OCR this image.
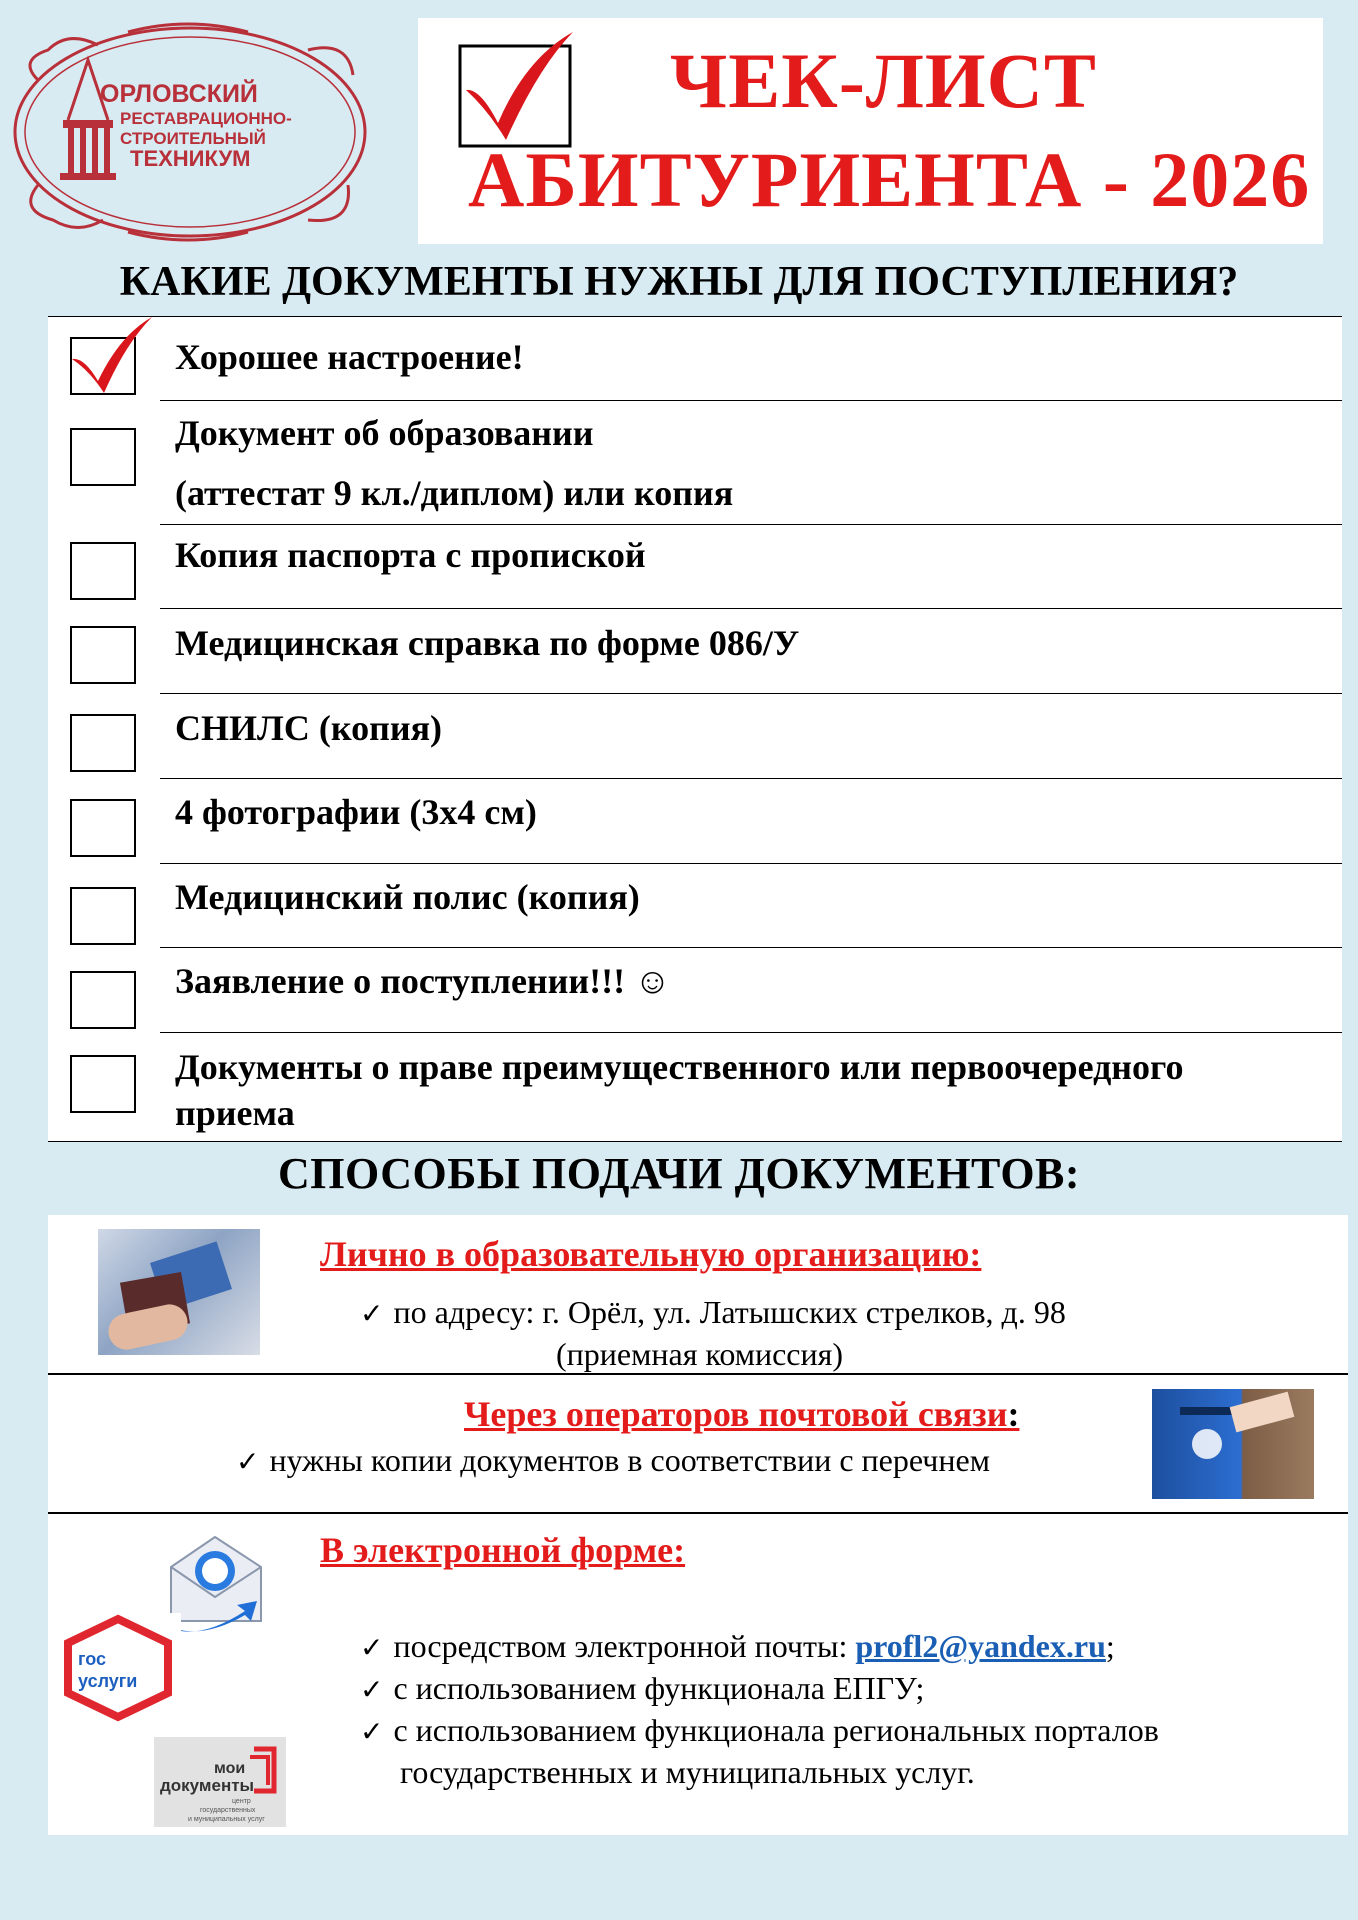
ОРЛОВСКИЙ
РЕСТАВРАЦИОННО-
СТРОИТЕЛЬНЫЙ
ТЕХНИКУМ
ЧЕК-ЛИСТ
АБИТУРИЕНТА - 2026
КАКИЕ ДОКУМЕНТЫ НУЖНЫ ДЛЯ ПОСТУПЛЕНИЯ?
Хорошее настроение!
Документ об образовании
(аттестат 9 кл./диплом) или копия
Копия паспорта с пропиской
Медицинская справка по форме 086/У
СНИЛС (копия)
4 фотографии (3х4 см)
Медицинский полис (копия)
Заявление о поступлении!!! ☺
Документы о праве преимущественного или первоочередного
приема
СПОСОБЫ ПОДАЧИ ДОКУМЕНТОВ:
Лично в образовательную организацию:
✓ по адресу: г. Орёл, ул. Латышских стрелков, д. 98
(приемная комиссия)
Через операторов почтовой связи:
✓ нужны копии документов в соответствии с перечнем
гос
услуги
мои
документы
центр
государственных
и муниципальных услуг
В электронной форме:
✓ посредством электронной почты: profl2@yandex.ru;
✓ с использованием функционала ЕПГУ;
✓ с использованием функционала региональных порталов
государственных и муниципальных услуг.
